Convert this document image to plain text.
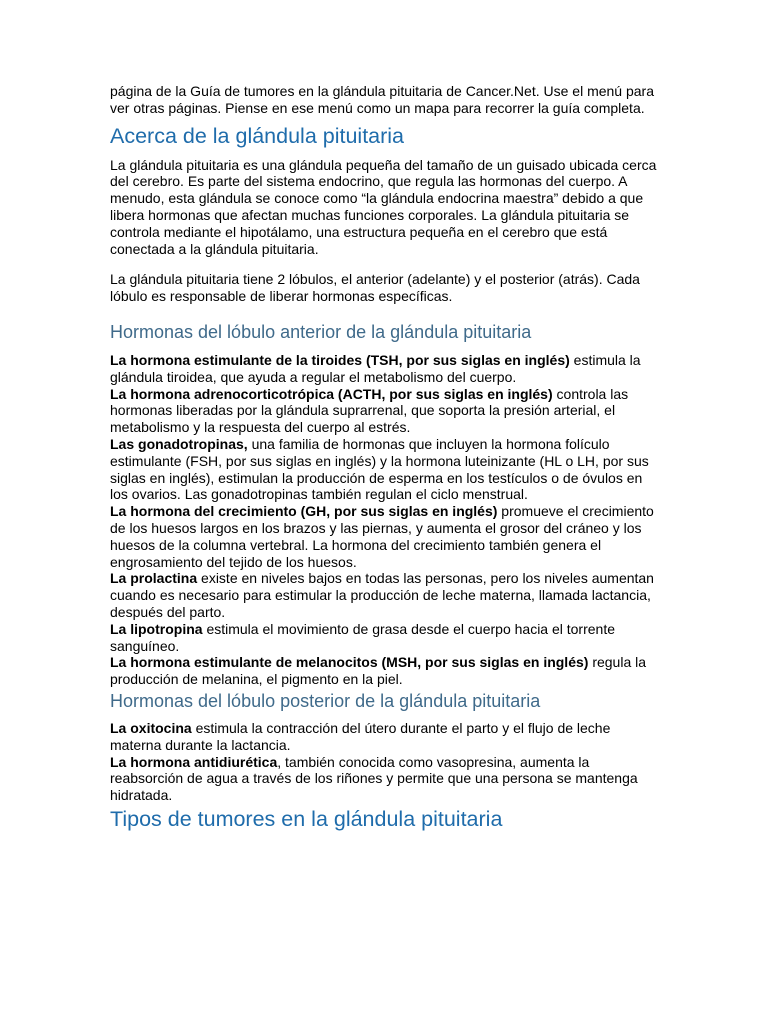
página de la Guía de tumores en la glándula pituitaria de Cancer.Net. Use el menú para ver otras páginas. Piense en ese menú como un mapa para recorrer la guía completa.

Acerca de la glándula pituitaria

La glándula pituitaria es una glándula pequeña del tamaño de un guisado ubicada cerca del cerebro. Es parte del sistema endocrino, que regula las hormonas del cuerpo. A menudo, esta glándula se conoce como “la glándula endocrina maestra” debido a que libera hormonas que afectan muchas funciones corporales. La glándula pituitaria se controla mediante el hipotálamo, una estructura pequeña en el cerebro que está conectada a la glándula pituitaria.

La glándula pituitaria tiene 2 lóbulos, el anterior (adelante) y el posterior (atrás). Cada lóbulo es responsable de liberar hormonas específicas.

Hormonas del lóbulo anterior de la glándula pituitaria

La hormona estimulante de la tiroides (TSH, por sus siglas en inglés) estimula la glándula tiroidea, que ayuda a regular el metabolismo del cuerpo.

La hormona adrenocorticotrópica (ACTH, por sus siglas en inglés) controla las hormonas liberadas por la glándula suprarrenal, que soporta la presión arterial, el metabolismo y la respuesta del cuerpo al estrés.

Las gonadotropinas, una familia de hormonas que incluyen la hormona folículo estimulante (FSH, por sus siglas en inglés) y la hormona luteinizante (HL o LH, por sus siglas en inglés), estimulan la producción de esperma en los testículos o de óvulos en los ovarios. Las gonadotropinas también regulan el ciclo menstrual.

La hormona del crecimiento (GH, por sus siglas en inglés) promueve el crecimiento de los huesos largos en los brazos y las piernas, y aumenta el grosor del cráneo y los huesos de la columna vertebral. La hormona del crecimiento también genera el engrosamiento del tejido de los huesos.

La prolactina existe en niveles bajos en todas las personas, pero los niveles aumentan cuando es necesario para estimular la producción de leche materna, llamada lactancia, después del parto.

La lipotropina estimula el movimiento de grasa desde el cuerpo hacia el torrente sanguíneo.

La hormona estimulante de melanocitos (MSH, por sus siglas en inglés) regula la producción de melanina, el pigmento en la piel.

Hormonas del lóbulo posterior de la glándula pituitaria

La oxitocina estimula la contracción del útero durante el parto y el flujo de leche materna durante la lactancia.

La hormona antidiurética, también conocida como vasopresina, aumenta la reabsorción de agua a través de los riñones y permite que una persona se mantenga hidratada.

Tipos de tumores en la glándula pituitaria
